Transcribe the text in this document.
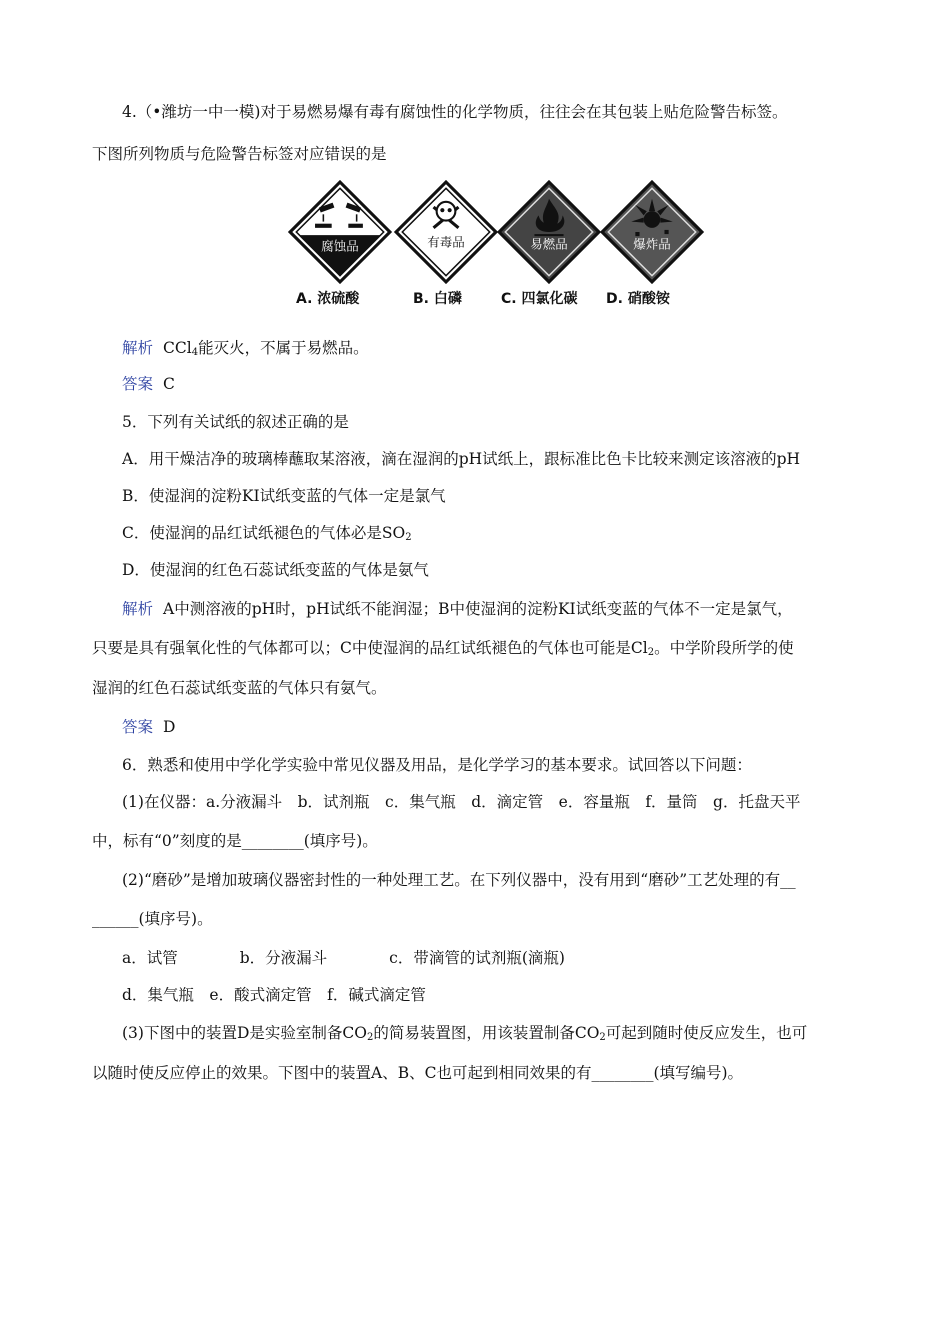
4.（•潍坊一中一模)对于易燃易爆有毒有腐蚀性的化学物质，往往会在其包装上贴危险警告标签。
下图所列物质与危险警告标签对应错误的是
腐蚀品	有毒品	易燃品	爆炸品
A. 浓硫酸	B. 白磷	C. 四氯化碳 D. 硝酸铵
解析 CCl$_4$能灭火，不属于易燃品。
答案 C
5．下列有关试纸的叙述正确的是
A．用干燥洁净的玻璃棒蘸取某溶液，滴在湿润的pH试纸上，跟标准比色卡比较来测定该溶液的pH
B．使湿润的淀粉KI试纸变蓝的气体一定是氯气
C．使湿润的品红试纸褪色的气体必是$SO_2$
D．使湿润的红色石蕊试纸变蓝的气体是氨气
解析 A中测溶液的pH时，pH试纸不能润湿；B中使湿润的淀粉KI试纸变蓝的气体不一定是氯气，
只要是具有强氧化性的气体都可以；C中使湿润的品红试纸褪色的气体也可能是$Cl_2$。中学阶段所学的使
湿润的红色石蕊试纸变蓝的气体只有氨气。
答案 D
6．熟悉和使用中学化学实验中常见仪器及用品，是化学学习的基本要求。试回答以下问题：
(1)在仪器：a.分液漏斗　b．试剂瓶　c．集气瓶　d．滴定管　e．容量瓶　f．量筒　g．托盘天平
中，标有“0”刻度的是________(填序号)。
(2)“磨砂”是增加玻璃仪器密封性的一种处理工艺。在下列仪器中，没有用到“磨砂”工艺处理的有__
______(填序号)。
a．试管　　　　b．分液漏斗　　　　c．带滴管的试剂瓶(滴瓶)
d．集气瓶　e．酸式滴定管　f．碱式滴定管
(3)下图中的装置D是实验室制备$CO_2$的简易装置图，用该装置制备$CO_2$可起到随时使反应发生，也可
以随时使反应停止的效果。下图中的装置A、B、C也可起到相同效果的有________(填写编号)。
